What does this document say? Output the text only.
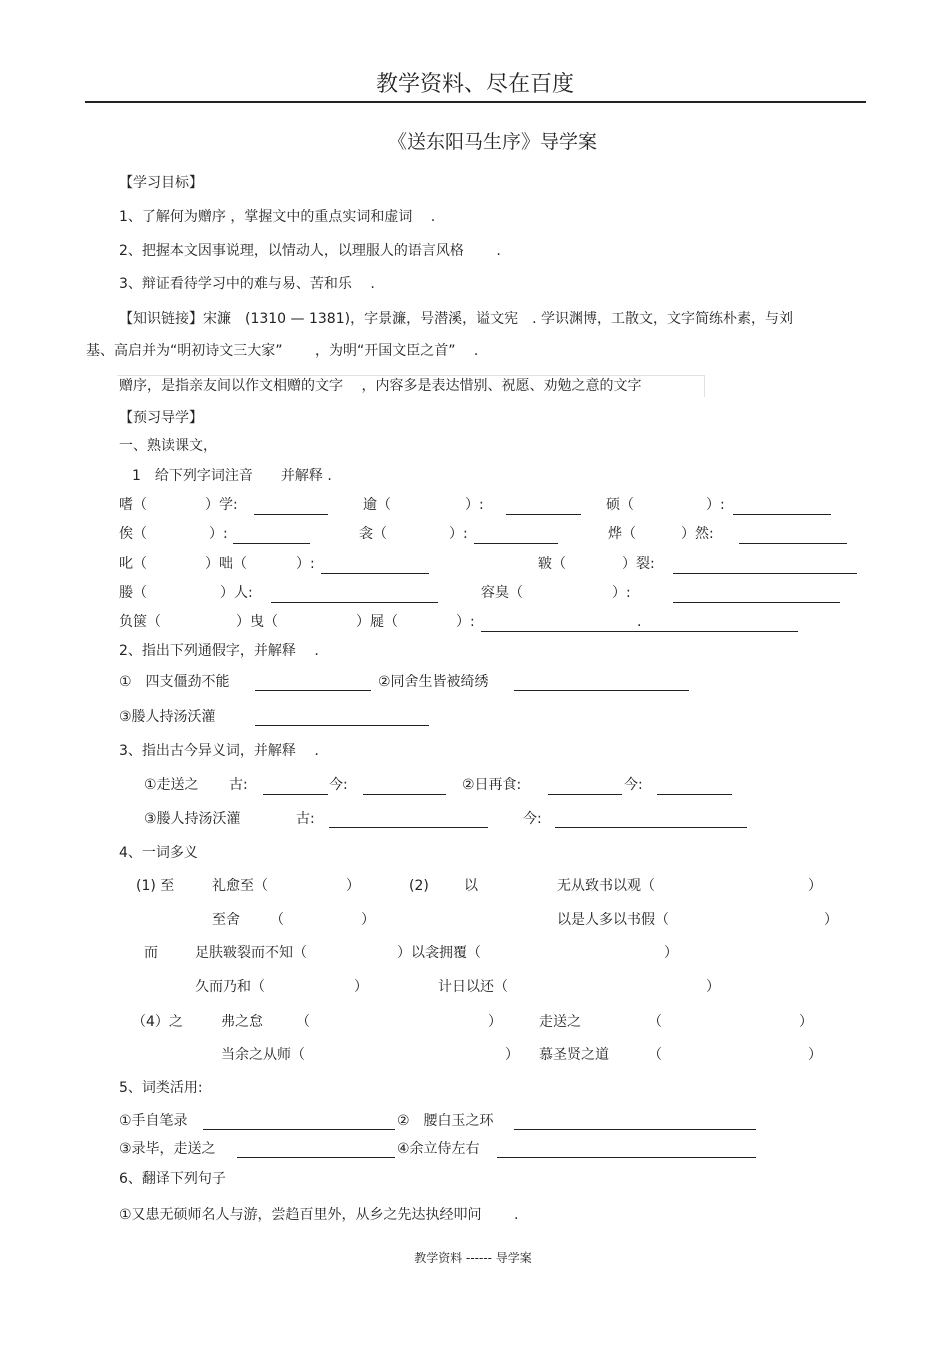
教学资料、尽在百度
《送东阳马生序》导学案
【学习目标】
1、了解何为赠序 ，掌握文中的重点实词和虚词　 .
2、把握本文因事说理，以情动人，以理服人的语言风格　　 .
3、辩证看待学习中的难与易、苦和乐　 .
【知识链接】宋濂　(1310 — 1381)，字景濂，号潜溪，谥文宪　. 学识渊博，工散文，文字简练朴素，与刘
基、高启并为“明初诗文三大家”　　 ，为明“开国文臣之首”　 .
赠序，是指亲友间以作文相赠的文字　 ，内容多是表达惜别、祝愿、劝勉之意的文字
【预习导学】
一、熟读课文，
1　给下列字词注音　　并解释 .
嗜（	）学:	逾（	）:	硕（	）:
俟（	）:	衾（	）:	烨（	）然:
叱（	）咄（	）:	皲（	）裂:
媵（	）人:	容臭（	）:
负箧（	）曳（	）屣（	）:	.
2、指出下列通假字，并解释　 .
①　四支僵劲不能	②同舍生皆被绮绣
③媵人持汤沃灌
3、指出古今异义词，并解释　 .
①走送之 古:	今:	②日再食:	今:
③媵人持汤沃灌	古:	今:
4、一词多义
(1) 至	礼愈至（	）	(2)	以	无从致书以观（	）
至舍 （	）	以是人多以书假（	）
而	足肤皲裂而不知（	）以衾拥覆（	）
久而乃和（	）	计日以还（	）
（4）之	弗之怠 （	）	走送之	（	）
当余之从师（	） 慕圣贤之道	（	）
5、词类活用:
①手自笔录	②　腰白玉之环
③录毕，走送之	④余立侍左右
6、翻译下列句子
①又患无硕师名人与游，尝趋百里外，从乡之先达执经叩问　　 .
教学资料 ------ 导学案
